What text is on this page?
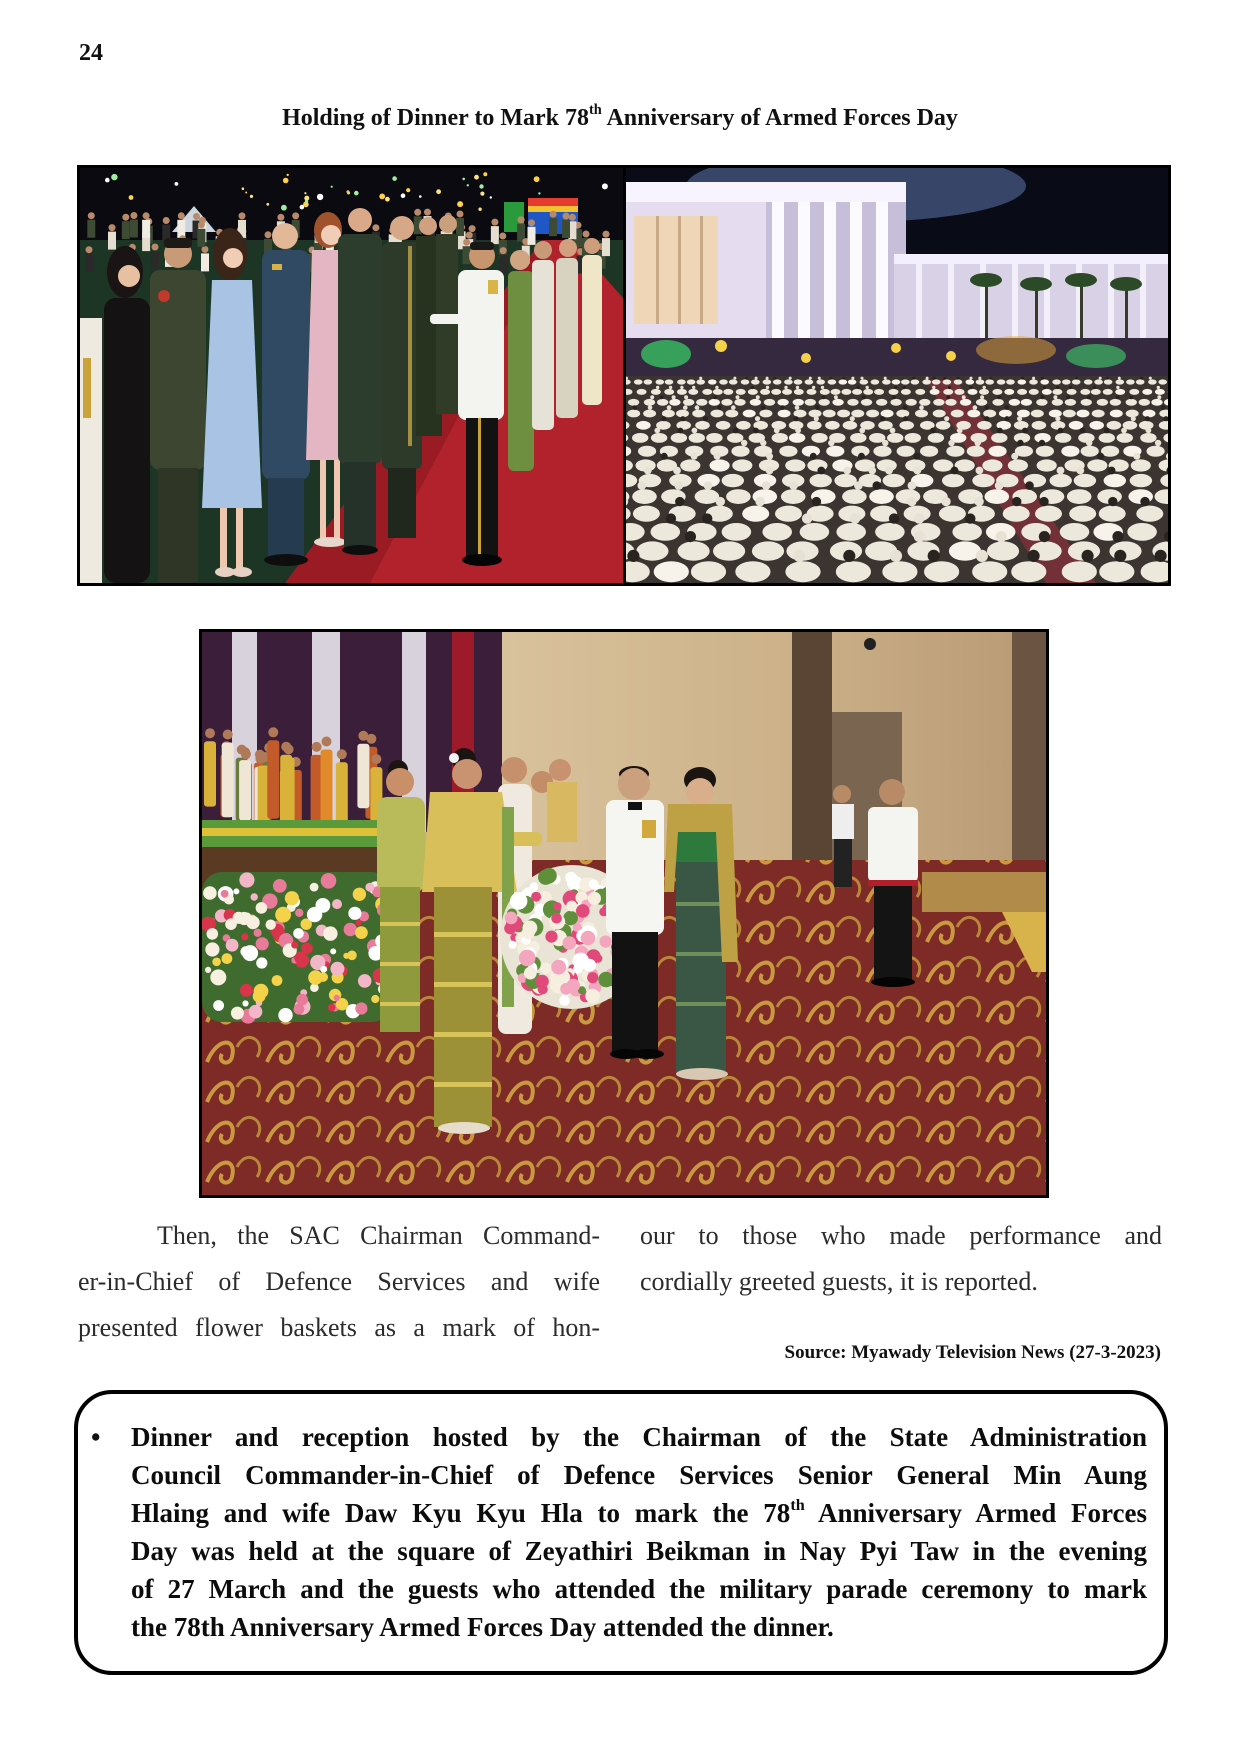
24
Holding of Dinner to Mark 78th Anniversary of Armed Forces Day
Then, the SAC Chairman Command-
er-in-Chief of Defence Services and wife
presented flower baskets as a mark of hon-
our to those who made performance and
cordially greeted guests, it is reported.
Source: Myawady Television News (27-3-2023)
• Dinner and reception hosted by the Chairman of the State Administration
Council Commander-in-Chief of Defence Services Senior General Min Aung
Hlaing and wife Daw Kyu Kyu Hla to mark the 78th Anniversary Armed Forces
Day was held at the square of Zeyathiri Beikman in Nay Pyi Taw in the evening
of 27 March and the guests who attended the military parade ceremony to mark
the 78th Anniversary Armed Forces Day attended the dinner.
